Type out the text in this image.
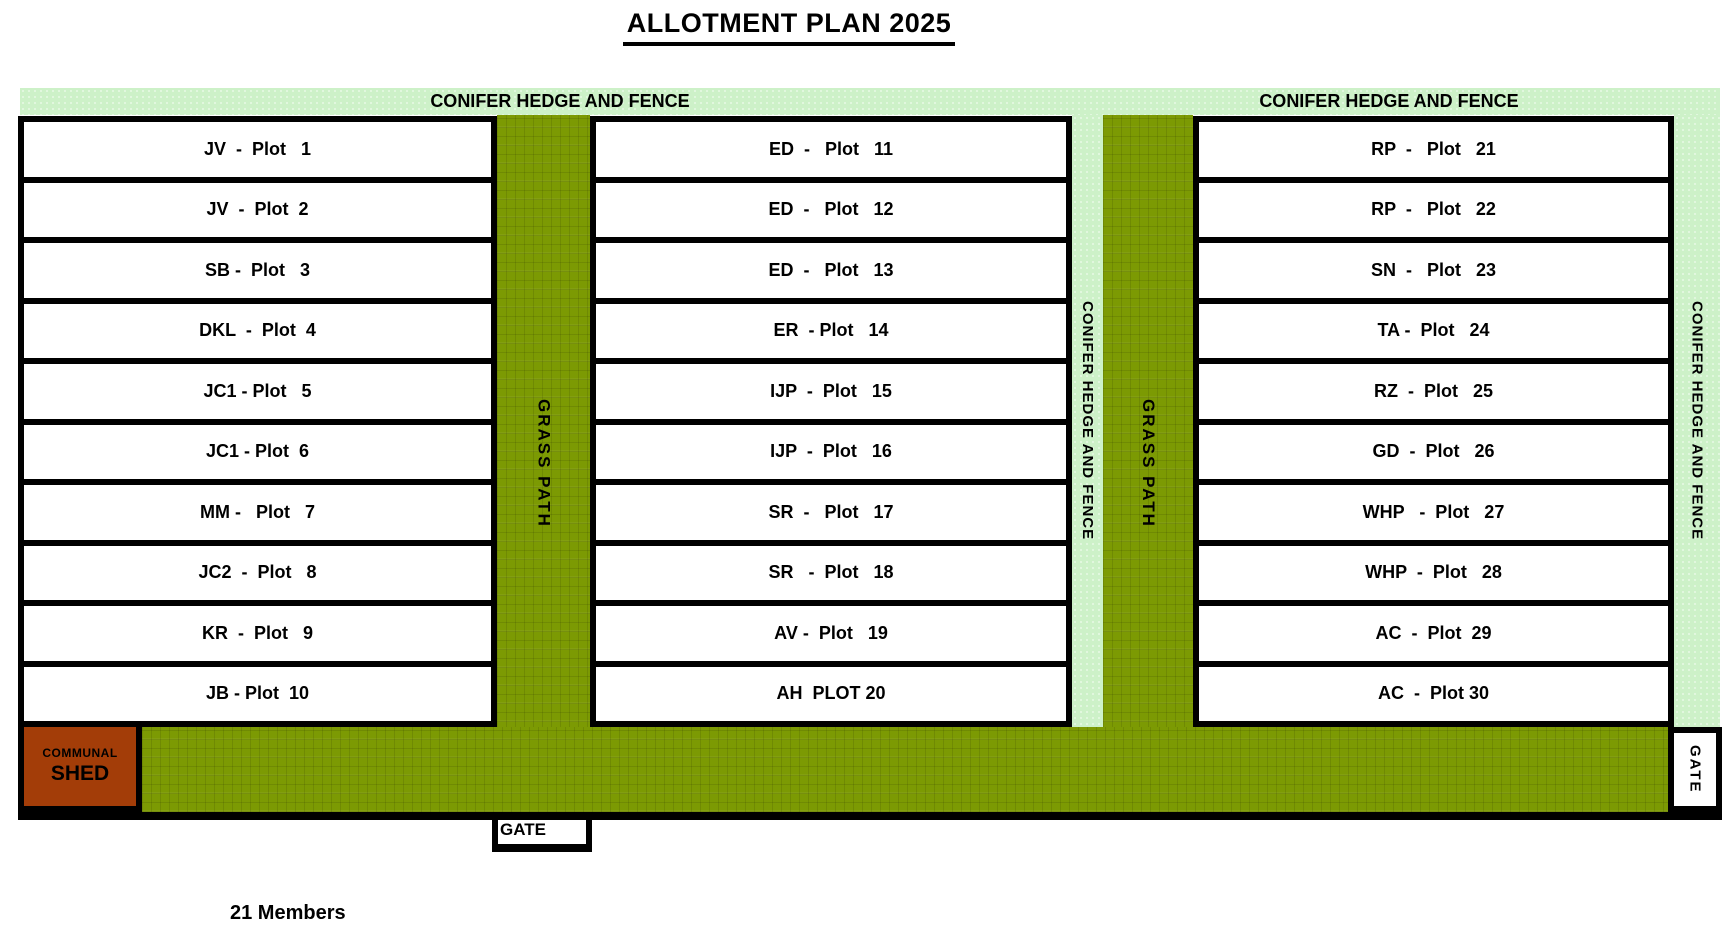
ALLOTMENT PLAN 2025
CONIFER HEDGE AND FENCE	CONIFER HEDGE AND FENCE
JV  -  Plot   1
JV  -  Plot  2
SB -  Plot   3
DKL  -  Plot  4
JC1 - Plot   5
JC1 - Plot  6
MM -   Plot   7
JC2  -  Plot   8
KR  -  Plot   9
JB - Plot  10
GRASS PATH
ED  -   Plot   11
ED  -   Plot   12
ED  -   Plot   13
ER  - Plot   14
IJP  -  Plot   15
IJP  -  Plot   16
SR  -   Plot   17
SR   -  Plot   18
AV -  Plot   19
AH  PLOT 20
CONIFER HEDGE AND FENCE	GRASS PATH
RP  -   Plot   21
RP  -   Plot   22
SN  -   Plot   23
TA -  Plot   24
RZ  -  Plot   25
GD  -  Plot   26
WHP   -  Plot   27
WHP  -  Plot   28
AC  -  Plot  29
AC  -  Plot 30
CONIFER HEDGE AND FENCE
COMMUNAL
SHED	GATE
GATE
21 Members
